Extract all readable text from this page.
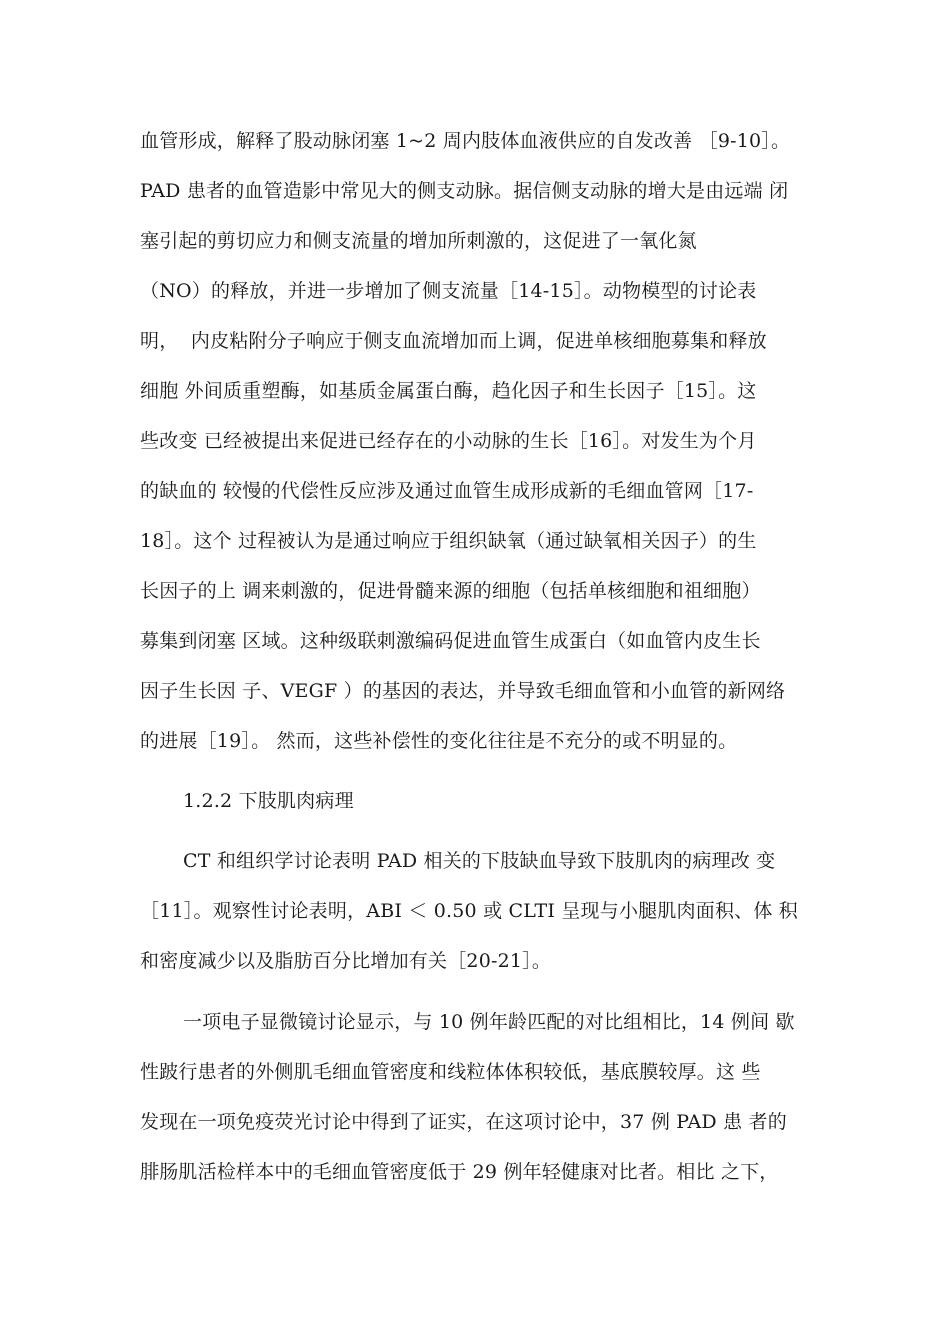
血管形成，解释了股动脉闭塞 1~2 周内肢体血液供应的自发改善 ［9-10］。
PAD 患者的血管造影中常见大的侧支动脉。据信侧支动脉的增大是由远端 闭
塞引起的剪切应力和侧支流量的增加所刺激的，这促进了一氧化氮
（NO）的释放，并进一步增加了侧支流量［14-15］。动物模型的讨论表
明，  内皮粘附分子响应于侧支血流增加而上调，促进单核细胞募集和释放
细胞 外间质重塑酶，如基质金属蛋白酶，趋化因子和生长因子［15］。这
些改变 已经被提出来促进已经存在的小动脉的生长［16］。对发生为个月
的缺血的 较慢的代偿性反应涉及通过血管生成形成新的毛细血管网［17-
18］。这个 过程被认为是通过响应于组织缺氧（通过缺氧相关因子）的生
长因子的上 调来刺激的，促进骨髓来源的细胞（包括单核细胞和祖细胞）
募集到闭塞 区域。这种级联刺激编码促进血管生成蛋白（如血管内皮生长
因子生长因 子、VEGF ）的基因的表达，并导致毛细血管和小血管的新网络
的进展［19］。 然而，这些补偿性的变化往往是不充分的或不明显的。
1.2.2 下肢肌肉病理
CT 和组织学讨论表明 PAD 相关的下肢缺血导致下肢肌肉的病理改 变
［11］。观察性讨论表明，ABI ＜ 0.50 或 CLTI 呈现与小腿肌肉面积、体 积
和密度减少以及脂肪百分比增加有关［20-21］。
一项电子显微镜讨论显示，与 10 例年龄匹配的对比组相比，14 例间 歇
性跛行患者的外侧肌毛细血管密度和线粒体体积较低，基底膜较厚。这 些
发现在一项免疫荧光讨论中得到了证实，在这项讨论中，37 例 PAD 患 者的
腓肠肌活检样本中的毛细血管密度低于 29 例年轻健康对比者。相比 之下，
